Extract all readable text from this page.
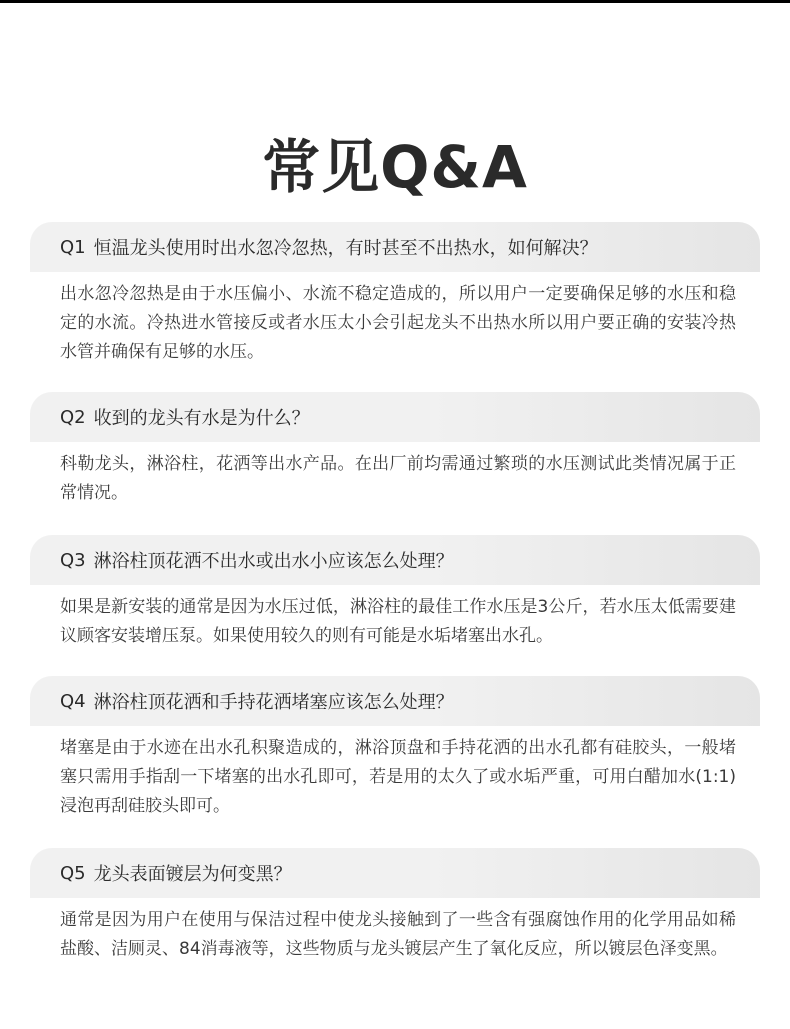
常见Q&A
Q1 恒温龙头使用时出水忽冷忽热，有时甚至不出热水，如何解决？
出水忽冷忽热是由于水压偏小、水流不稳定造成的，所以用户一定要确保足够的水压和稳定的水流。冷热进水管接反或者水压太小会引起龙头不出热水所以用户要正确的安装冷热水管并确保有足够的水压。
Q2 收到的龙头有水是为什么？
科勒龙头，淋浴柱，花洒等出水产品。在出厂前均需通过繁琐的水压测试此类情况属于正常情况。
Q3 淋浴柱顶花洒不出水或出水小应该怎么处理？
如果是新安装的通常是因为水压过低，淋浴柱的最佳工作水压是3公斤，若水压太低需要建议顾客安装增压泵。如果使用较久的则有可能是水垢堵塞出水孔。
Q4 淋浴柱顶花洒和手持花洒堵塞应该怎么处理？
堵塞是由于水迹在出水孔积聚造成的，淋浴顶盘和手持花洒的出水孔都有硅胶头，一般堵塞只需用手指刮一下堵塞的出水孔即可，若是用的太久了或水垢严重，可用白醋加水(1:1)浸泡再刮硅胶头即可。
Q5 龙头表面镀层为何变黑？
通常是因为用户在使用与保洁过程中使龙头接触到了一些含有强腐蚀作用的化学用品如稀盐酸、洁厕灵、84消毒液等，这些物质与龙头镀层产生了氧化反应，所以镀层色泽变黑。
